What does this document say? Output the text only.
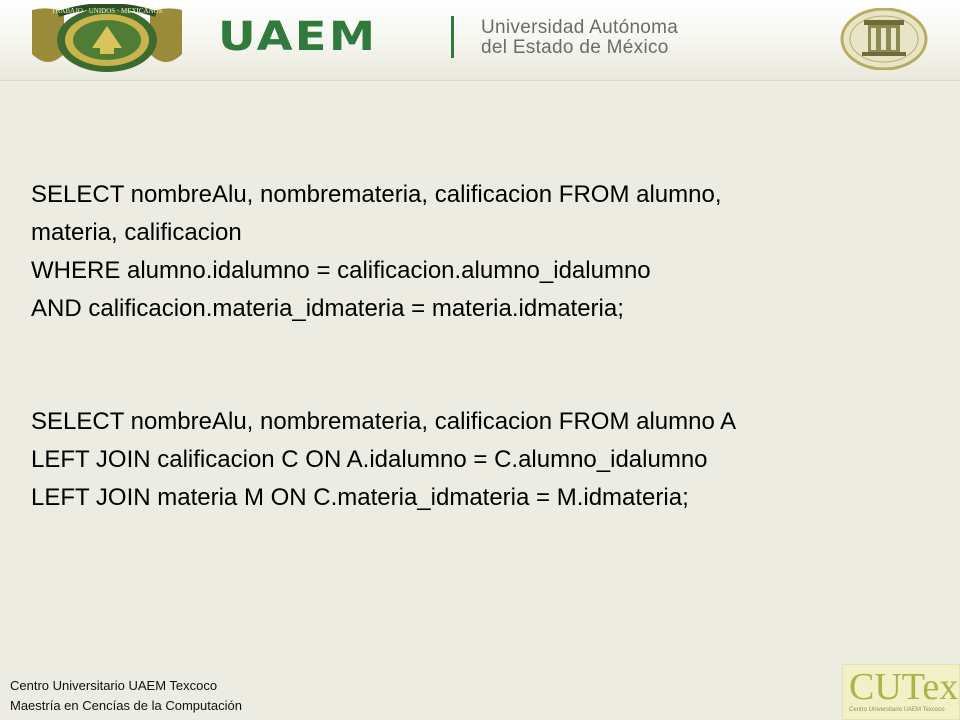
TRABAJO · UNIDOS · MEXICANOS
UAEM	Universidad Autónoma
del Estado de México
SELECT nombreAlu, nombremateria, calificacion FROM alumno,
materia, calificacion
WHERE alumno.idalumno = calificacion.alumno_idalumno
AND calificacion.materia_idmateria = materia.idmateria;
SELECT nombreAlu, nombremateria, calificacion FROM alumno A
LEFT JOIN calificacion C ON A.idalumno = C.alumno_idalumno
LEFT JOIN materia M ON C.materia_idmateria = M.idmateria;
Centro Universitario UAEM Texcoco
Maestría en Cencías de la Computación	CUTex
Centro Universitario UAEM Texcoco
